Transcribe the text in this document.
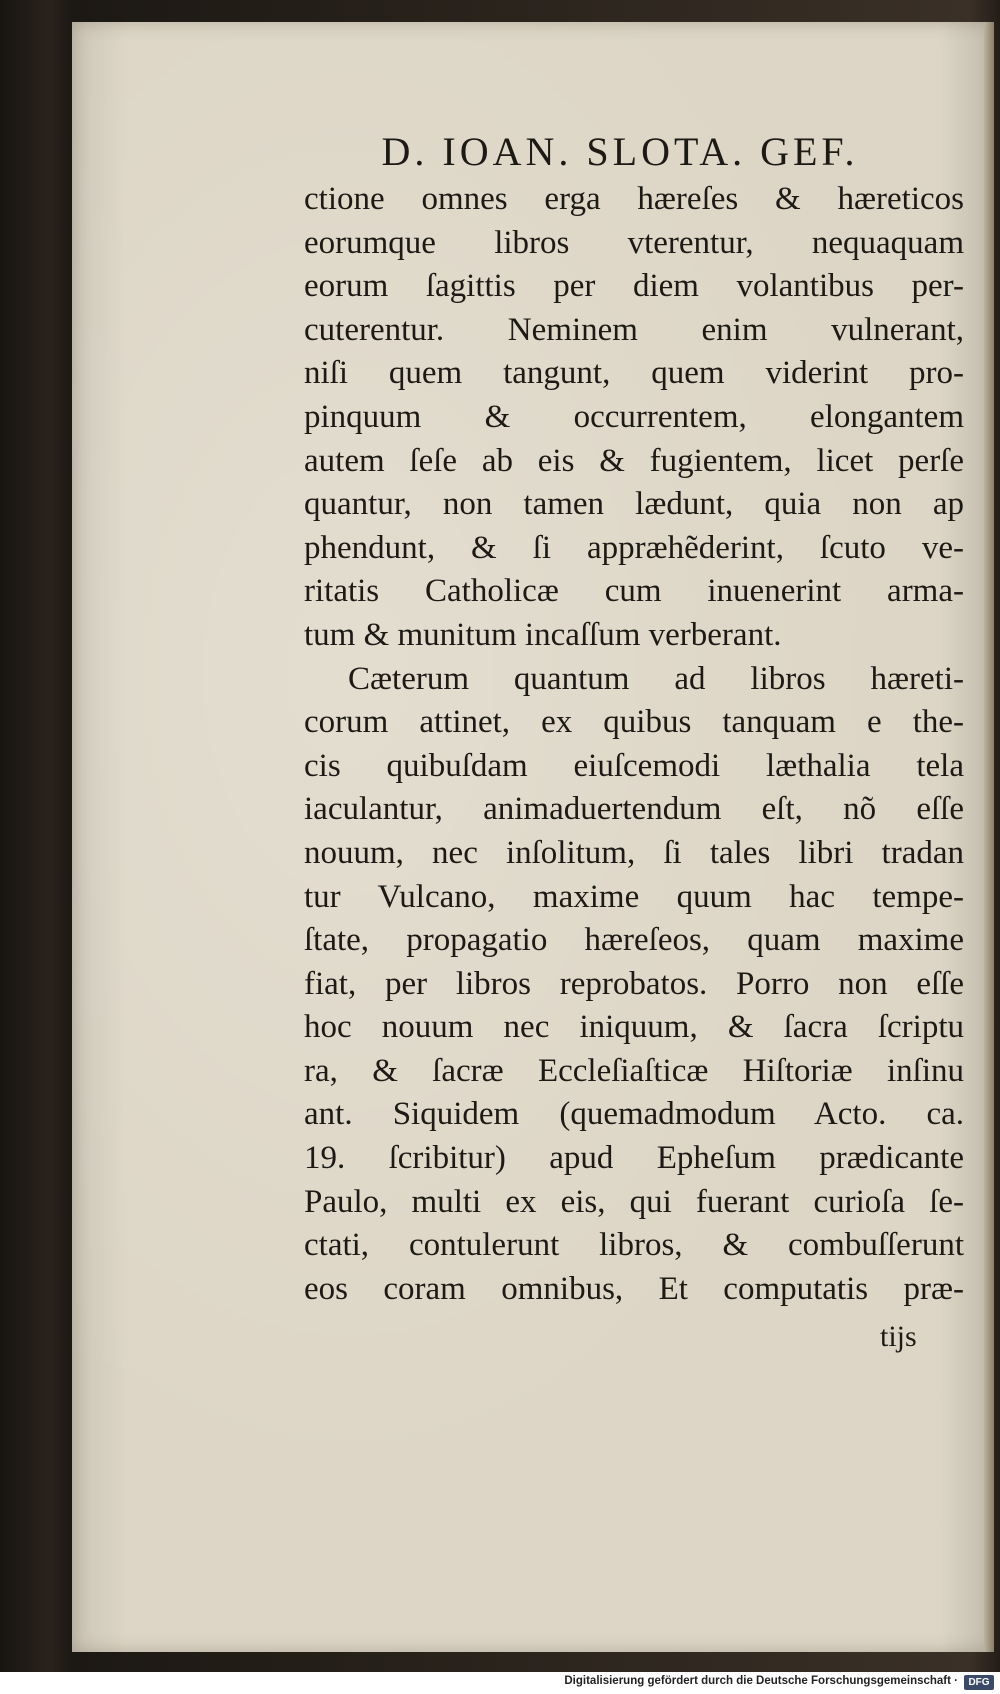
D. IOAN. SLOTA. GEF.
ctione omnes erga hæreſes & hæreticos
eorumque libros vterentur, nequaquam
eorum ſagittis per diem volantibus per-
cuterentur. Neminem enim vulnerant,
niſi quem tangunt, quem viderint pro-
pinquum & occurrentem, elongantem
autem ſeſe ab eis & fugientem, licet perſe
quantur, non tamen lædunt, quia non ap
phendunt, & ſi appræhẽderint, ſcuto ve-
ritatis Catholicæ cum inuenerint arma-
tum & munitum incaſſum verberant.
Cæterum quantum ad libros hæreti-
corum attinet, ex quibus tanquam e the-
cis quibuſdam eiuſcemodi læthalia tela
iaculantur, animaduertendum eſt, nõ eſſe
nouum, nec inſolitum, ſi tales libri tradan
tur Vulcano, maxime quum hac tempe-
ſtate, propagatio hæreſeos, quam maxime
fiat, per libros reprobatos. Porro non eſſe
hoc nouum nec iniquum, & ſacra ſcriptu
ra, & ſacræ Eccleſiaſticæ Hiſtoriæ inſinu
ant. Siquidem (quemadmodum Acto. ca.
19. ſcribitur) apud Epheſum prædicante
Paulo, multi ex eis, qui fuerant curioſa ſe-
ctati, contulerunt libros, & combuſſerunt
eos coram omnibus, Et computatis præ-

tijs

Digitalisierung gefördert durch die Deutsche Forschungsgemeinschaft ·	DFG
